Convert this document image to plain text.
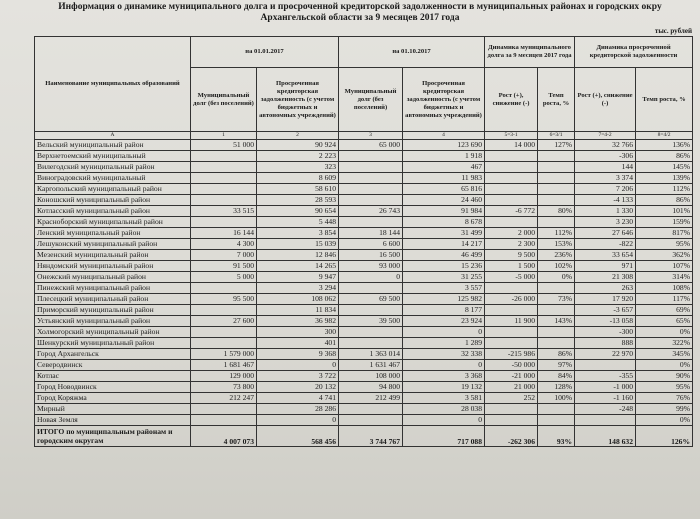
Информация о динамике муниципального долга и просроченной кредиторской задолженности в муниципальных районах и городских окру
Архангельской области за 9 месяцев 2017 года
тыс. рублей
Наименование муниципальных образований	на 01.01.2017		на 01.10.2017		Динамика муниципального долга за 9 месяцев 2017 года		Динамика просроченной кредиторской задолженности	
	Муниципальный долг (без поселений)	Просроченная кредиторская задолженность (с учетом бюджетных и автономных учреждений)	Муниципальный долг (без поселений)	Просроченная кредиторская задолженность (с учетом бюджетных и автономных учреждений)	Рост (+), снижение (-)	Темп роста, %	Рост (+), снижение (-)	Темп роста, %
А	1	2	3	4	5=3-1	6=3/1	7=4-2	8=4/2
Вельский муниципальный район	51 000	90 924	65 000	123 690	14 000	127%	32 766	136%
Верхнетоемский муниципальный		2 223		1 918			-306	86%
Вилегодский муниципальный район		323		467			144	145%
Виноградовский муниципальный		8 609		11 983			3 374	139%
Каргопольский муниципальный район		58 610		65 816			7 206	112%
Коношский муниципальный район		28 593		24 460			-4 133	86%
Котласский муниципальный район	33 515	90 654	26 743	91 984	-6 772	80%	1 330	101%
Красноборский муниципальный район		5 448		8 678			3 230	159%
Ленский муниципальный район	16 144	3 854	18 144	31 499	2 000	112%	27 646	817%
Лешуконский муниципальный район	4 300	15 039	6 600	14 217	2 300	153%	-822	95%
Мезенский муниципальный район	7 000	12 846	16 500	46 499	9 500	236%	33 654	362%
Няндомский муниципальный район	91 500	14 265	93 000	15 236	1 500	102%	971	107%
Онежский муниципальный район	5 000	9 947	0	31 255	-5 000	0%	21 308	314%
Пинежский муниципальный район		3 294		3 557			263	108%
Плесецкий муниципальный район	95 500	108 062	69 500	125 982	-26 000	73%	17 920	117%
Приморский муниципальный район		11 834		8 177			-3 657	69%
Устьянский муниципальный район	27 600	36 982	39 500	23 924	11 900	143%	-13 058	65%
Холмогорский муниципальный район		300		0			-300	0%
Шенкурский муниципальный район		401		1 289			888	322%
Город Архангельск	1 579 000	9 368	1 363 014	32 338	-215 986	86%	22 970	345%
Северодвинск	1 681 467	0	1 631 467	0	-50 000	97%		0%
Котлас	129 000	3 722	108 000	3 368	-21 000	84%	-355	90%
Город Новодвинск	73 800	20 132	94 800	19 132	21 000	128%	-1 000	95%
Город Коряжма	212 247	4 741	212 499	3 581	252	100%	-1 160	76%
Мирный		28 286		28 038			-248	99%
Новая Земля		0		0				0%
ИТОГО по муниципальным районам и городским округам	4 007 073	568 456	3 744 767	717 088	-262 306	93%	148 632	126%
